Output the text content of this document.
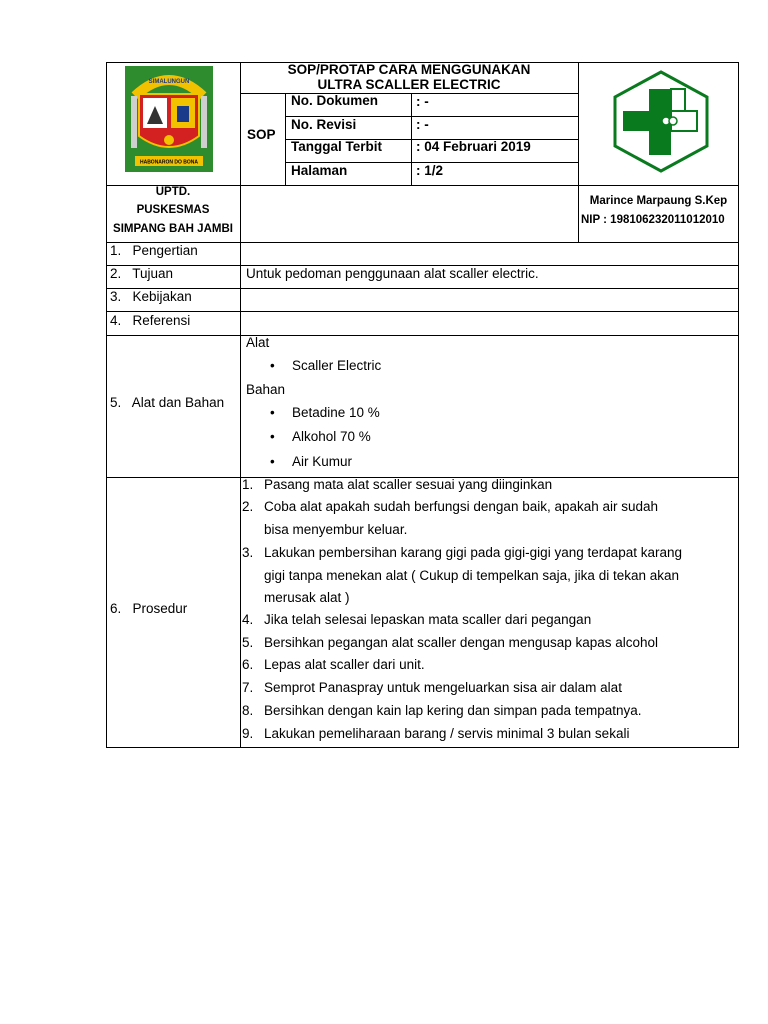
SIMALUNGUN
HABONARON DO BONA
SOP/PROTAP CARA MENGGUNAKAN
ULTRA SCALLER ELECTRIC
SOP
No. Dokumen	: -
No. Revisi	: -
Tanggal Terbit	: 04 Februari 2019
Halaman	: 1/2
UPTD.
PUSKESMAS
SIMPANG BAH JAMBI
Marince Marpaung S.Kep
NIP : 198106232011012010
1.   Pengertian
2.   Tujuan	Untuk pedoman penggunaan alat scaller electric.
3.   Kebijakan
4.   Referensi
5.   Alat dan Bahan
Alat
• Scaller Electric
Bahan
• Betadine 10 %
• Alkohol 70 %
• Air Kumur
6.   Prosedur
1. Pasang mata alat scaller sesuai yang diinginkan
2. Coba alat apakah sudah berfungsi dengan baik, apakah air sudah
bisa menyembur keluar.
3. Lakukan pembersihan karang gigi pada gigi-gigi yang terdapat karang
gigi tanpa menekan alat ( Cukup di tempelkan saja, jika di tekan akan
merusak alat )
4. Jika telah selesai lepaskan mata scaller dari pegangan
5. Bersihkan pegangan alat scaller dengan mengusap kapas alcohol
6. Lepas alat scaller dari unit.
7. Semprot Panaspray untuk mengeluarkan sisa air dalam alat
8. Bersihkan dengan kain lap kering dan simpan pada tempatnya.
9. Lakukan pemeliharaan barang / servis minimal 3 bulan sekali
